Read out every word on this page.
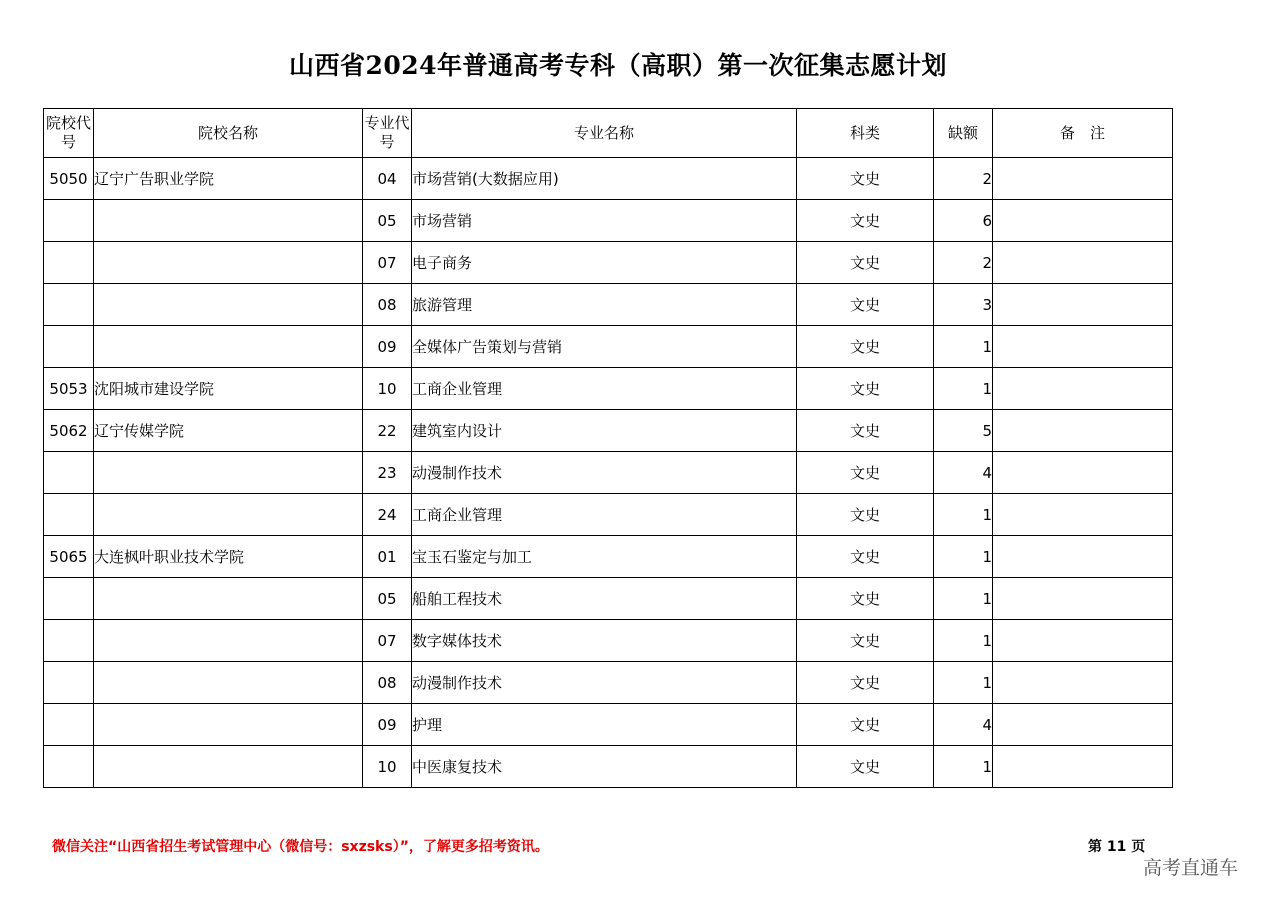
山西省2024年普通高考专科（高职）第一次征集志愿计划
院校代号	院校名称	专业代号	专业名称	科类	缺额	备　注
5050	辽宁广告职业学院	04	市场营销(大数据应用)	文史	2	
		05	市场营销	文史	6	
		07	电子商务	文史	2	
		08	旅游管理	文史	3	
		09	全媒体广告策划与营销	文史	1	
5053	沈阳城市建设学院	10	工商企业管理	文史	1	
5062	辽宁传媒学院	22	建筑室内设计	文史	5	
		23	动漫制作技术	文史	4	
		24	工商企业管理	文史	1	
5065	大连枫叶职业技术学院	01	宝玉石鉴定与加工	文史	1	
		05	船舶工程技术	文史	1	
		07	数字媒体技术	文史	1	
		08	动漫制作技术	文史	1	
		09	护理	文史	4	
		10	中医康复技术	文史	1	
微信关注“山西省招生考试管理中心（微信号：sxzsks）”，了解更多招考资讯。	第 11 页
高考直通车
